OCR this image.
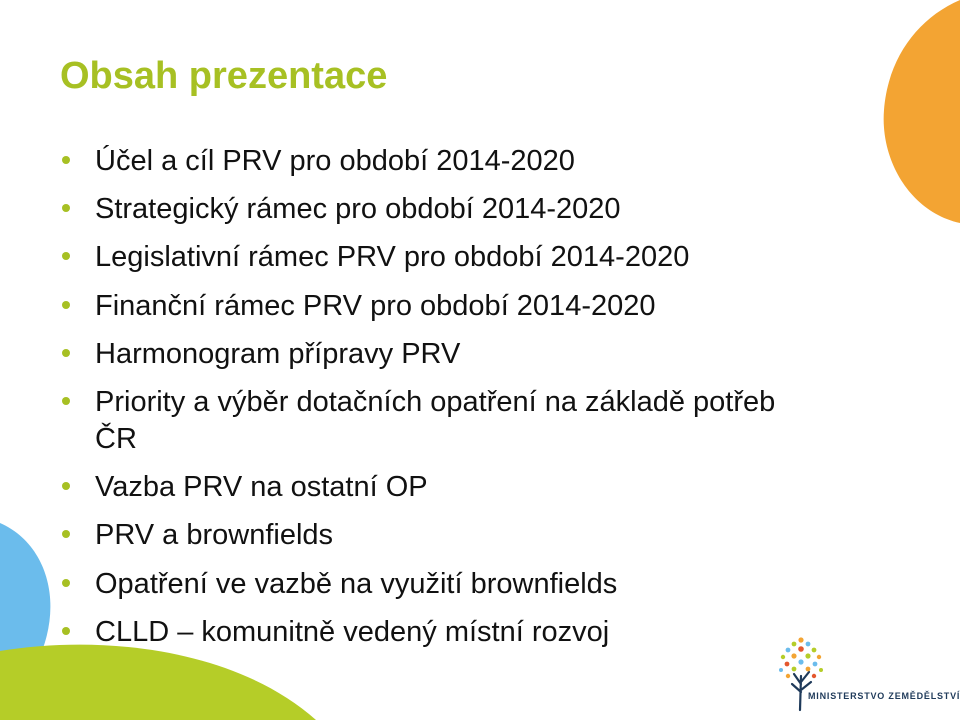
Obsah prezentace
Účel a cíl PRV pro období 2014-2020
Strategický rámec pro období 2014-2020
Legislativní rámec PRV pro období 2014-2020
Finanční rámec PRV pro období 2014-2020
Harmonogram přípravy PRV
Priority a výběr dotačních opatření na základě potřeb ČR
Vazba PRV na ostatní OP
PRV a brownfields
Opatření ve vazbě na využití brownfields
CLLD – komunitně vedený místní rozvoj
MINISTERSTVO ZEMĚDĚLSTVÍ
